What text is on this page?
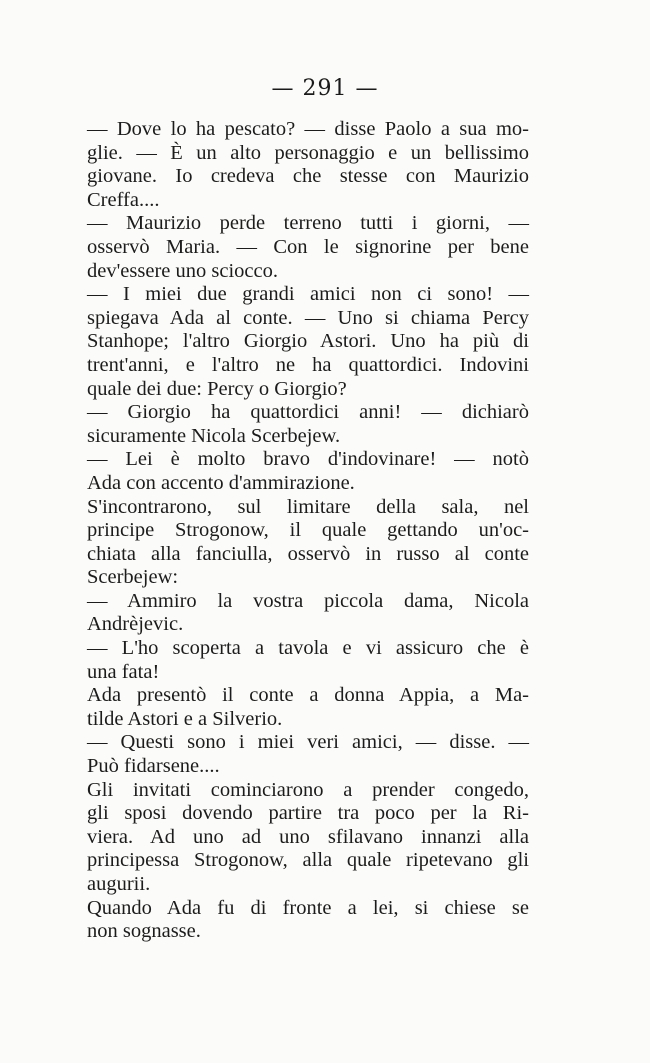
— 291 —
— Dove lo ha pescato? — disse Paolo a sua mo-
glie. — È un alto personaggio e un bellissimo
giovane. Io credeva che stesse con Maurizio
Creffa....
— Maurizio perde terreno tutti i giorni, —
osservò Maria. — Con le signorine per bene
dev'essere uno sciocco.
— I miei due grandi amici non ci sono! —
spiegava Ada al conte. — Uno si chiama Percy
Stanhope; l'altro Giorgio Astori. Uno ha più di
trent'anni, e l'altro ne ha quattordici. Indovini
quale dei due: Percy o Giorgio?
— Giorgio ha quattordici anni! — dichiarò
sicuramente Nicola Scerbejew.
— Lei è molto bravo d'indovinare! — notò
Ada con accento d'ammirazione.
S'incontrarono, sul limitare della sala, nel
principe Strogonow, il quale gettando un'oc-
chiata alla fanciulla, osservò in russo al conte
Scerbejew:
— Ammiro la vostra piccola dama, Nicola
Andrèjevic.
— L'ho scoperta a tavola e vi assicuro che è
una fata!
Ada presentò il conte a donna Appia, a Ma-
tilde Astori e a Silverio.
— Questi sono i miei veri amici, — disse. —
Può fidarsene....
Gli invitati cominciarono a prender congedo,
gli sposi dovendo partire tra poco per la Ri-
viera. Ad uno ad uno sfilavano innanzi alla
principessa Strogonow, alla quale ripetevano gli
augurii.
Quando Ada fu di fronte a lei, si chiese se
non sognasse.
